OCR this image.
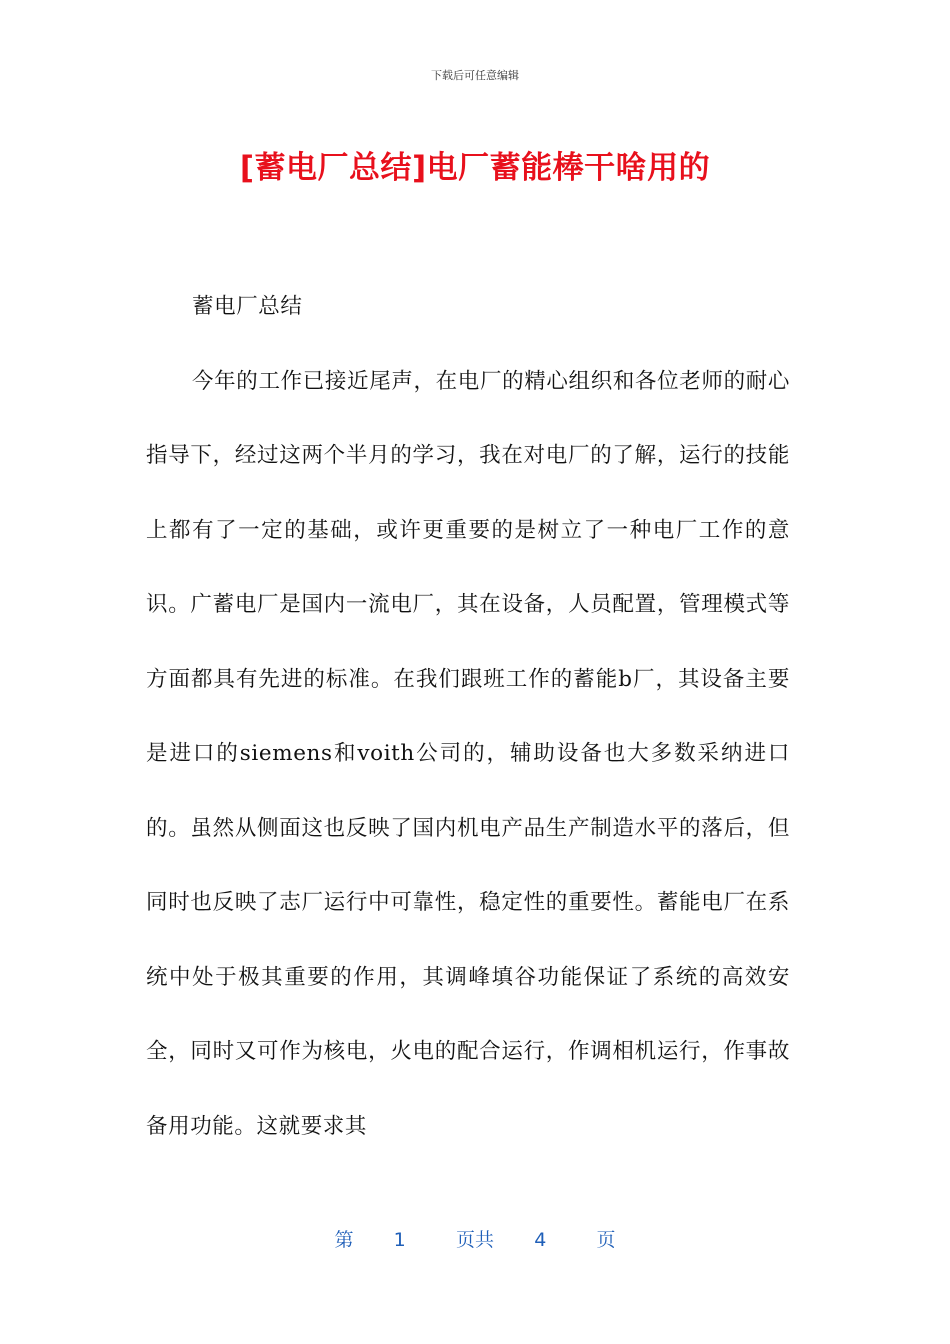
下载后可任意编辑
[蓄电厂总结]电厂蓄能棒干啥用的

蓄电厂总结

今年的工作已接近尾声，在电厂的精心组织和各位老师的耐心指导下，经过这两个半月的学习，我在对电厂的了解，运行的技能上都有了一定的基础，或许更重要的是树立了一种电厂工作的意识。广蓄电厂是国内一流电厂，其在设备，人员配置，管理模式等方面都具有先进的标准。在我们跟班工作的蓄能b厂，其设备主要是进口的siemens和voith公司的，辅助设备也大多数采纳进口的。虽然从侧面这也反映了国内机电产品生产制造水平的落后，但同时也反映了志厂运行中可靠性，稳定性的重要性。蓄能电厂在系统中处于极其重要的作用，其调峰填谷功能保证了系统的高效安全，同时又可作为核电，火电的配合运行，作调相机运行，作事故备用功能。这就要求其

第 1	页共 4	页
